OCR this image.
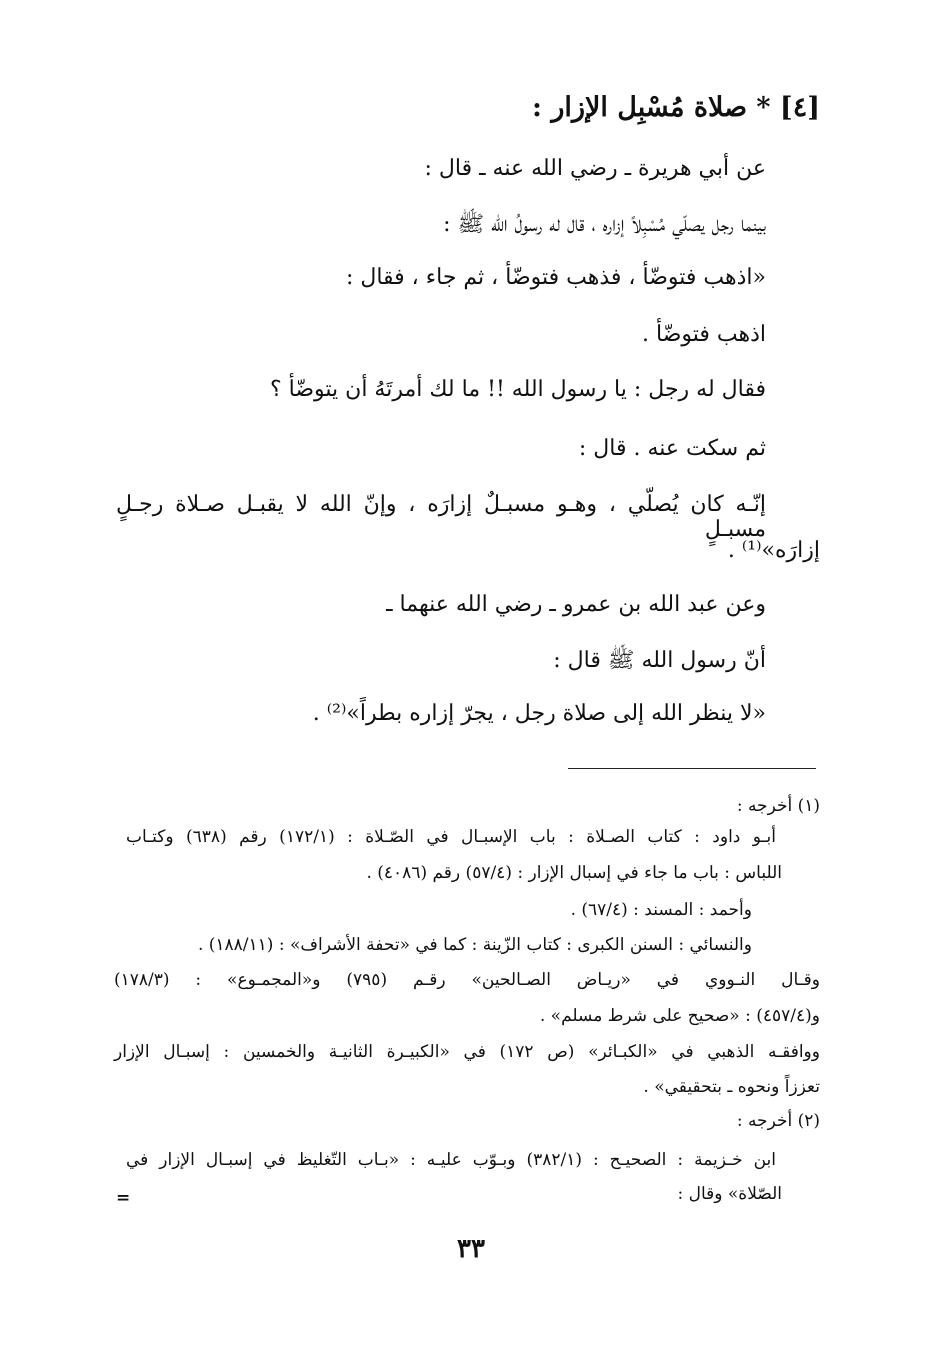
[٤] * صلاة مُسْبِل الإزار :
عن أبي هريرة ـ رضي الله عنه ـ قال :
بينما رجل يصلّي مُسْبِلاً إزاره ، قال له رسولُ الله ﷺ :
«اذهب فتوضّأ ، فذهب فتوضّأ ، ثم جاء ، فقال :
اذهب فتوضّأ .
فقال له رجل : يا رسول الله !! ما لك أمرتَهُ أن يتوضّأ ؟
ثم سكت عنه . قال :
إنّـه كان يُصلّي ، وهـو مسبـلٌ إزارَه ، وإنّ الله لا يقبـل صـلاة رجـلٍ مسبـلٍ
إزارَه»⁽¹⁾ .
وعن عبد الله بن عمرو ـ رضي الله عنهما ـ
أنّ رسول الله ﷺ قال :
«لا ينظر الله إلى صلاة رجل ، يجرّ إزاره بطراً»⁽²⁾ .
(١) أخرجه :
أبـو داود : كتاب الصـلاة : باب الإسبـال في الصّـلاة : (١٧٢/١) رقم (٦٣٨) وكتـاب
اللباس : باب ما جاء في إسبال الإزار : (٥٧/٤) رقم (٤٠٨٦) .
وأحمد : المسند : (٦٧/٤) .
والنسائي : السنن الكبرى : كتاب الزّينة : كما في «تحفة الأشراف» : (١٨٨/١١) .
وقـال النـووي في «ريـاض الصـالحين» رقـم (٧٩٥) و«المجمـوع» : (١٧٨/٣)
و(٤٥٧/٤) : «صحيح على شرط مسلم» .
ووافقـه الذهبي في «الكبـائر» (ص ١٧٢) في «الكبيـرة الثانيـة والخمسين : إسبـال الإزار
تعززاً ونحوه ـ بتحقيقي» .
(٢) أخرجه :
ابن خـزيمة : الصحيـح : (٣٨٢/١) وبـوّب عليـه : «بـاب التّغليظ في إسبـال الإزار في
الصّلاة» وقال :
=
٣٣
